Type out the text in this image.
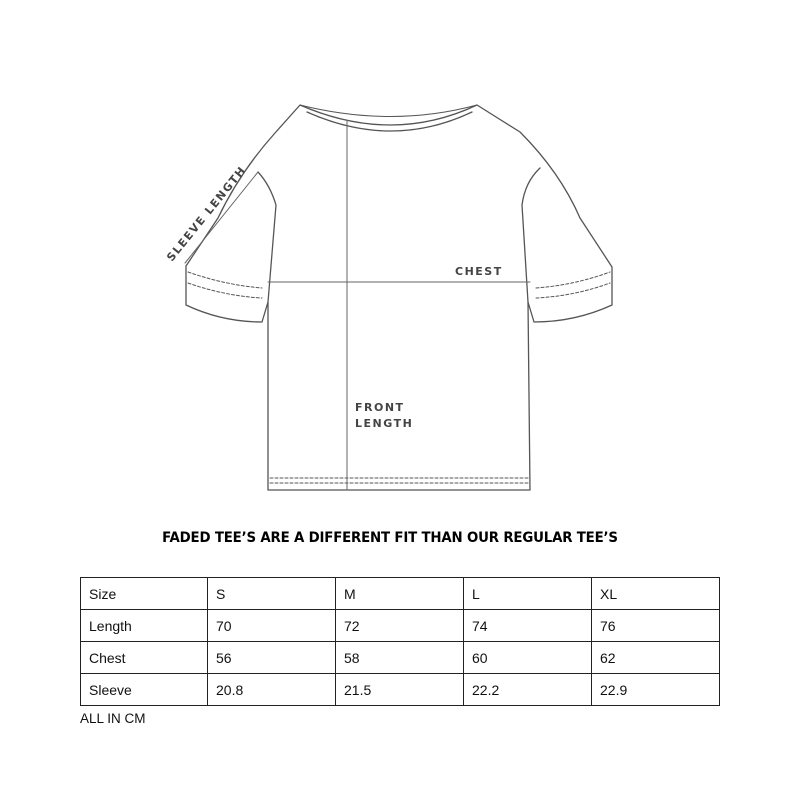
SLEEVE LENGTH
CHEST
FRONT
LENGTH
FADED TEE’S ARE A DIFFERENT FIT THAN OUR REGULAR TEE’S
Size	S	M	L	XL
Length	70	72	74	76
Chest	56	58	60	62
Sleeve	20.8	21.5	22.2	22.9
ALL IN CM
